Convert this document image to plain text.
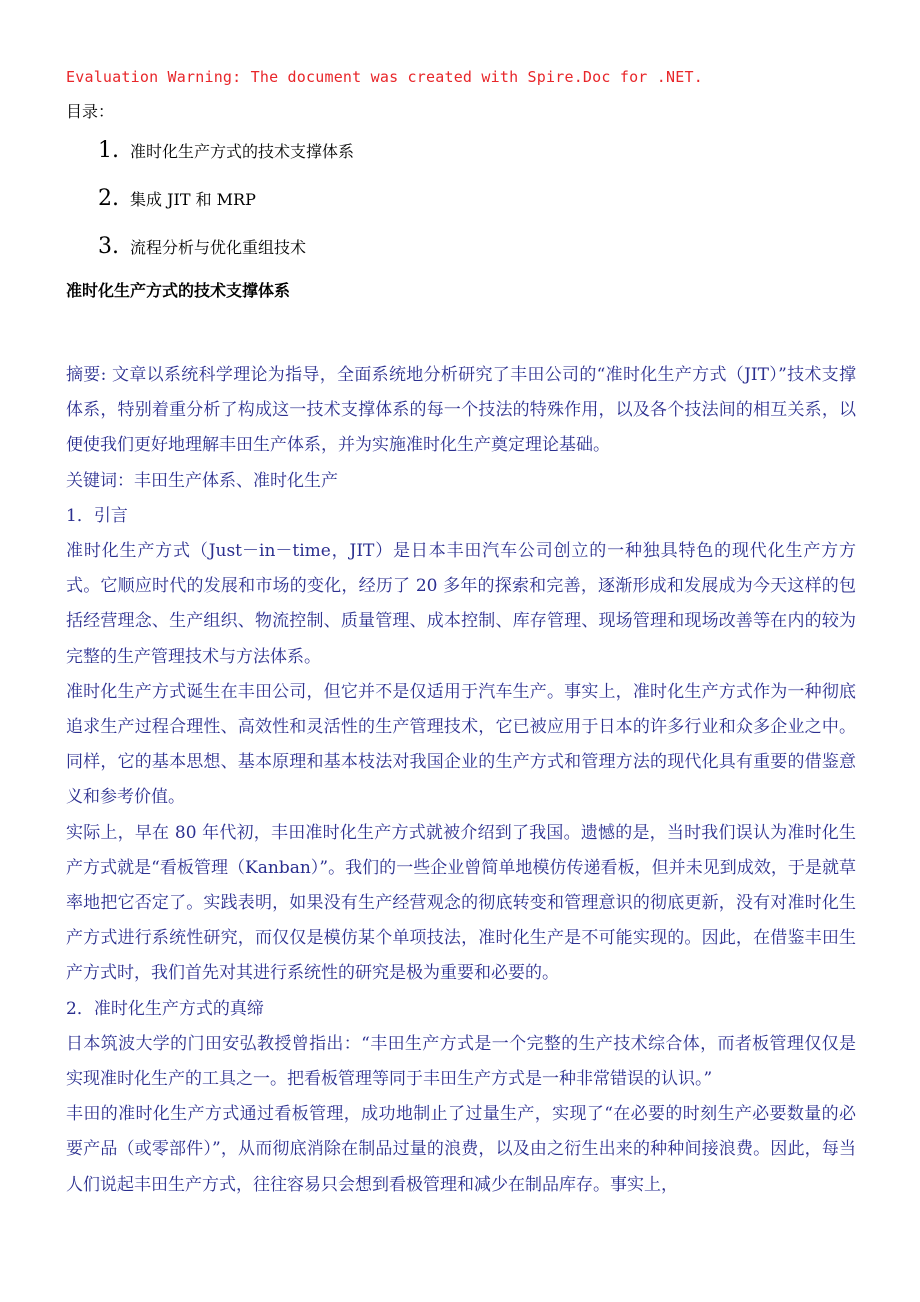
Evaluation Warning: The document was created with Spire.Doc for .NET.
目录：
1. 准时化生产方式的技术支撑体系
2. 集成 JIT 和 MRP
3. 流程分析与优化重组技术
准时化生产方式的技术支撑体系

摘要: 文章以系统科学理论为指导，全面系统地分析研究了丰田公司的“准时化生产方式（JIT）”技术支撑体系，特别着重分析了构成这一技术支撑体系的每一个技法的特殊作用，以及各个技法间的相互关系，以便使我们更好地理解丰田生产体系，并为实施准时化生产奠定理论基础。

关键词：丰田生产体系、准时化生产

1．引言

准时化生产方式（Just－in－time，JIT）是日本丰田汽车公司创立的一种独具特色的现代化生产方方式。它顺应时代的发展和市场的变化，经历了 20 多年的探索和完善，逐渐形成和发展成为今天这样的包括经营理念、生产组织、物流控制、质量管理、成本控制、库存管理、现场管理和现场改善等在内的较为完整的生产管理技术与方法体系。

准时化生产方式诞生在丰田公司，但它并不是仅适用于汽车生产。事实上，准时化生产方式作为一种彻底追求生产过程合理性、高效性和灵活性的生产管理技术，它已被应用于日本的许多行业和众多企业之中。同样，它的基本思想、基本原理和基本枝法对我国企业的生产方式和管理方法的现代化具有重要的借鉴意义和参考价值。

实际上，早在 80 年代初，丰田准时化生产方式就被介绍到了我国。遗憾的是，当时我们误认为准时化生产方式就是“看板管理（Kanban）”。我们的一些企业曾简单地模仿传递看板，但并未见到成效，于是就草率地把它否定了。实践表明，如果没有生产经营观念的彻底转变和管理意识的彻底更新，没有对准时化生产方式进行系统性研究，而仅仅是模仿某个单项技法，准时化生产是不可能实现的。因此，在借鉴丰田生产方式时，我们首先对其进行系统性的研究是极为重要和必要的。

2．准时化生产方式的真缔

日本筑波大学的门田安弘教授曾指出：“丰田生产方式是一个完整的生产技术综合体，而者板管理仅仅是实现准时化生产的工具之一。把看板管理等同于丰田生产方式是一种非常错误的认识。”

丰田的准时化生产方式通过看板管理，成功地制止了过量生产，实现了“在必要的时刻生产必要数量的必要产品（或零部件）”，从而彻底消除在制品过量的浪费，以及由之衍生出来的种种间接浪费。因此，每当人们说起丰田生产方式，往往容易只会想到看极管理和减少在制品库存。事实上，
